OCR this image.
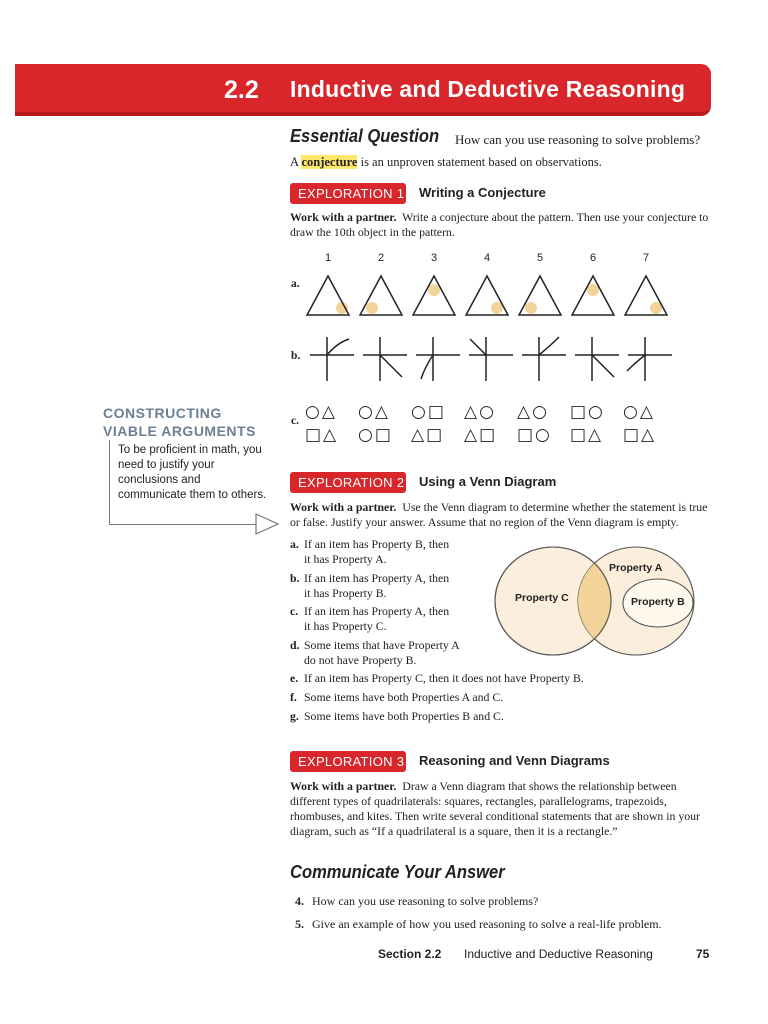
2.2 Inductive and Deductive Reasoning
Essential Question How can you use reasoning to solve problems?
A conjecture is an unproven statement based on observations.
EXPLORATION 1 Writing a Conjecture
Work with a partner. Write a conjecture about the pattern. Then use your conjecture to draw the 10th object in the pattern.
1	2	3	4	5	6	7
a.
b.
c. ○△	○△	○□	△○	△○	□○	○△
□△	○□	△□	△□	□○	□△	□△
CONSTRUCTING
VIABLE ARGUMENTS
To be proficient in math, you need to justify your conclusions and communicate them to others.
EXPLORATION 2 Using a Venn Diagram
Work with a partner. Use the Venn diagram to determine whether the statement is true or false. Justify your answer. Assume that no region of the Venn diagram is empty.
a. If an item has Property B, then
it has Property A.
b. If an item has Property A, then
it has Property B.
c. If an item has Property A, then
it has Property C.
d. Some items that have Property A
do not have Property B.
e. If an item has Property C, then it does not have Property B.
f. Some items have both Properties A and C.
g. Some items have both Properties B and C.
Property C
Property A
Property B
EXPLORATION 3 Reasoning and Venn Diagrams
Work with a partner. Draw a Venn diagram that shows the relationship between different types of quadrilaterals: squares, rectangles, parallelograms, trapezoids, rhombuses, and kites. Then write several conditional statements that are shown in your diagram, such as “If a quadrilateral is a square, then it is a rectangle.”
Communicate Your Answer
4. How can you use reasoning to solve problems?
5. Give an example of how you used reasoning to solve a real-life problem.
Section 2.2 Inductive and Deductive Reasoning	75
